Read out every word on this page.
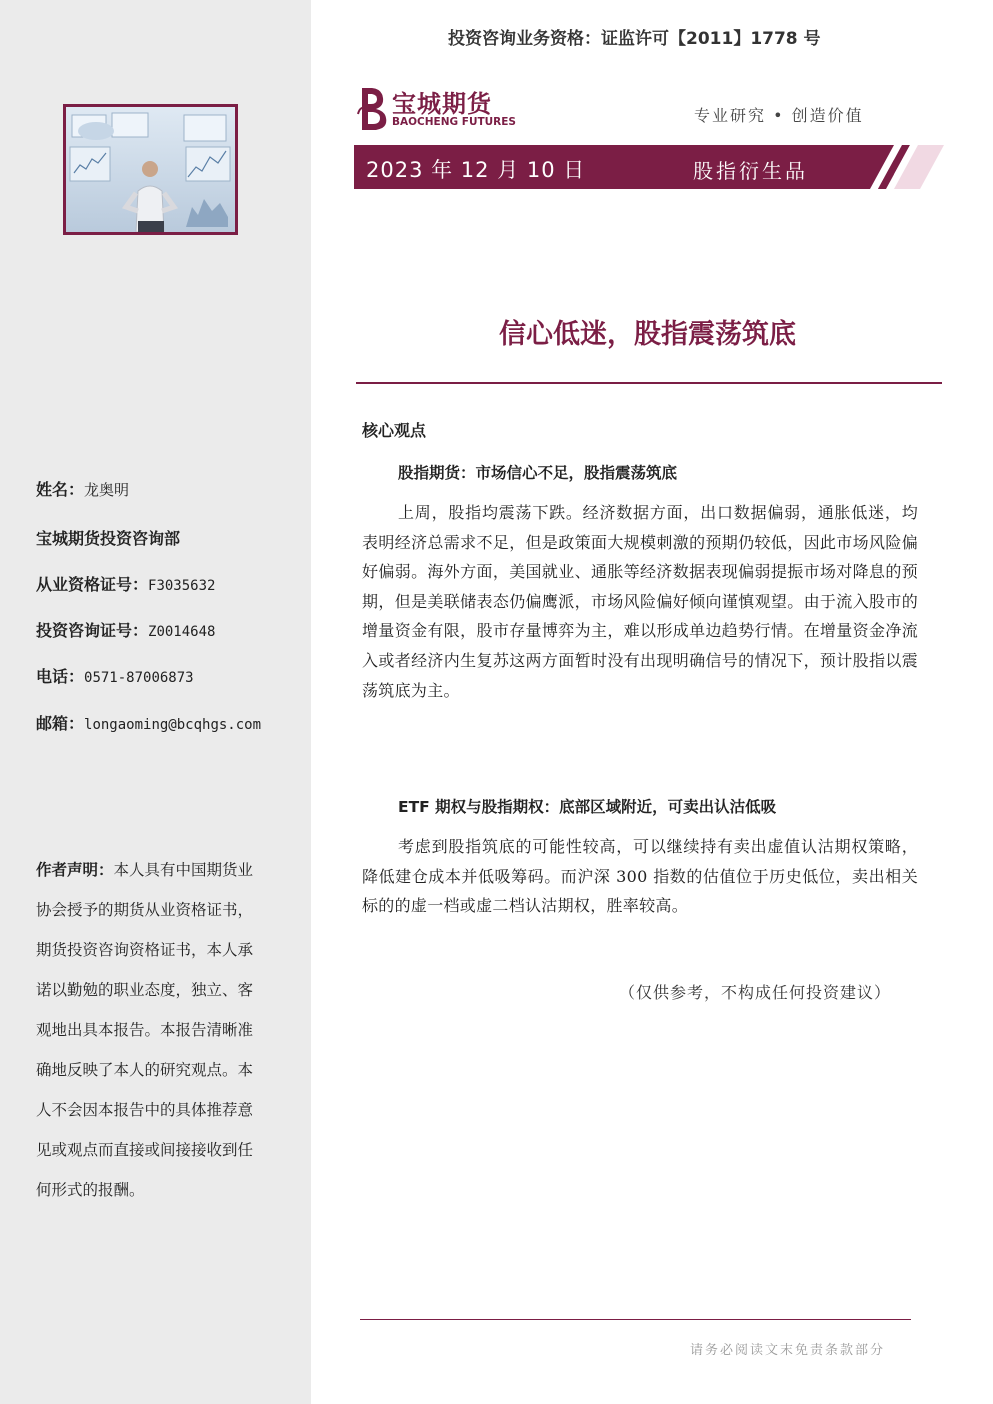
姓名：龙奥明
宝城期货投资咨询部
从业资格证号：F3035632
投资咨询证号：Z0014648
电话：0571-87006873
邮箱：longaoming@bcqhgs.com
作者声明：本人具有中国期货业协会授予的期货从业资格证书，期货投资咨询资格证书，本人承诺以勤勉的职业态度，独立、客观地出具本报告。本报告清晰准确地反映了本人的研究观点。本人不会因本报告中的具体推荐意见或观点而直接或间接接收到任何形式的报酬。
投资咨询业务资格：证监许可【2011】1778 号
宝城期货
BAOCHENG FUTURES	专业研究 • 创造价值
2023 年 12 月 10 日	股指衍生品
信心低迷，股指震荡筑底
核心观点
股指期货：市场信心不足，股指震荡筑底
上周，股指均震荡下跌。经济数据方面，出口数据偏弱，通胀低迷，均表明经济总需求不足，但是政策面大规模刺激的预期仍较低，因此市场风险偏好偏弱。海外方面，美国就业、通胀等经济数据表现偏弱提振市场对降息的预期，但是美联储表态仍偏鹰派，市场风险偏好倾向谨慎观望。由于流入股市的增量资金有限，股市存量博弈为主，难以形成单边趋势行情。在增量资金净流入或者经济内生复苏这两方面暂时没有出现明确信号的情况下，预计股指以震荡筑底为主。
ETF 期权与股指期权：底部区域附近，可卖出认沽低吸
考虑到股指筑底的可能性较高，可以继续持有卖出虚值认沽期权策略，降低建仓成本并低吸筹码。而沪深 300 指数的估值位于历史低位，卖出相关标的的虚一档或虚二档认沽期权，胜率较高。
（仅供参考，不构成任何投资建议）
请务必阅读文末免责条款部分
